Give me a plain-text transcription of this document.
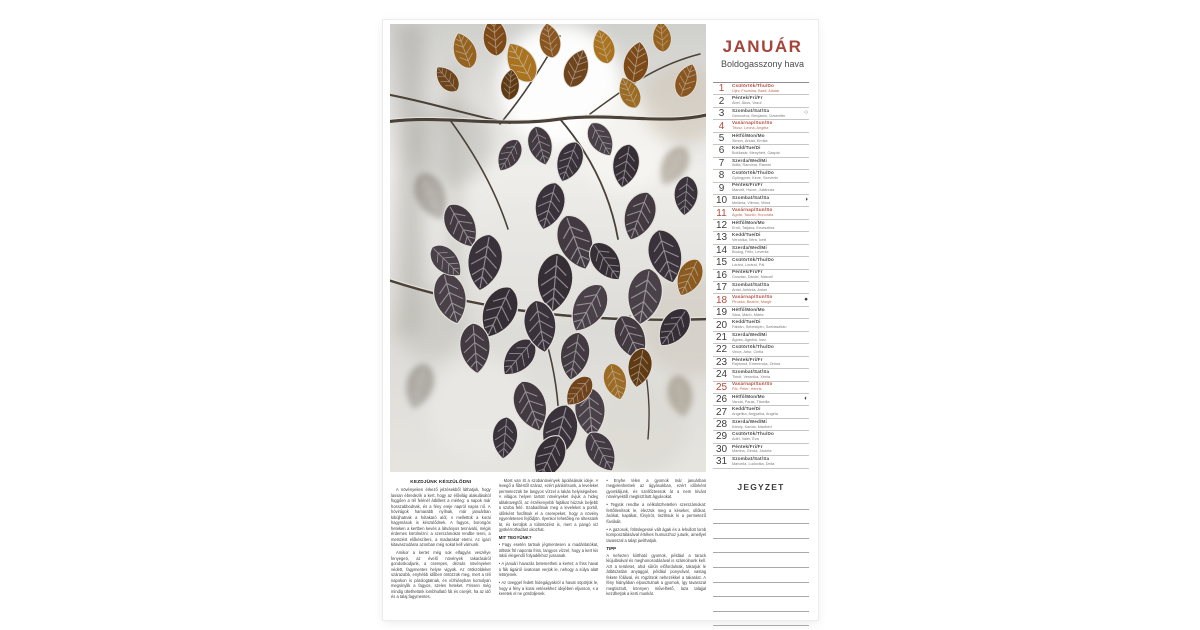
JANUÁR
Boldogasszony hava
1	Csütörtök/Thu/Do
Újév, Fruzsina, Bazil, Aladár
2	Péntek/Fri/Fr
Ábel, Ákos, Vazul
3	Szombat/Sat/Sa
Genovéva, Benjámin, Dzsenifer	○
4	Vasárnap/Sun/So
Titusz, Leona, Angéla
5	Hétfő/Mon/Mo
Simon, Árkád, Emília
6	Kedd/Tue/Di
Boldizsár, Menyhért, Gáspár
7	Szerda/Wed/Mi
Attila, Ramóna, Ramón
8	Csütörtök/Thu/Do
Gyöngyvér, Keve, Szeverin
9	Péntek/Fri/Fr
Marcell, Hunor, Juliánusz
10	Szombat/Sat/Sa
Melánia, Vilmos, Vilma	◑
11	Vasárnap/Sun/So
Ágota, Tasziló, Honoráta
12	Hétfő/Mon/Mo
Ernő, Tatjána, Ernesztina
13	Kedd/Tue/Di
Veronika, Vera, Ivett
14	Szerda/Wed/Mi
Bódog, Félix, Levente
15	Csütörtök/Thu/Do
Lóránt, Loránd, Pál
16	Péntek/Fri/Fr
Gusztáv, Dániel, Marcell
17	Szombat/Sat/Sa
Antal, Antónia, Anton
18	Vasárnap/Sun/So
Piroska, Beatrix, Margit	●
19	Hétfő/Mon/Mo
Sára, Márió, Márta
20	Kedd/Tue/Di
Fábián, Sebestyén, Szebasztián
21	Szerda/Wed/Mi
Ágnes, Agnéta, Inez
22	Csütörtök/Thu/Do
Vince, Artúr, Cintia
23	Péntek/Fri/Fr
Rajmund, Emerencia, Zelma
24	Szombat/Sat/Sa
Timót, Veronika, Xénia
25	Vasárnap/Sun/So
Pál, Péter, Henrik
26	Hétfő/Mon/Mo
Vanda, Paula, Titanilla	◐
27	Kedd/Tue/Di
Angelika, Angyalka, Angéla
28	Szerda/Wed/Mi
Károly, Karola, Manfréd
29	Csütörtök/Thu/Do
Adél, Valér, Éva
30	Péntek/Fri/Fr
Martina, Gerda, Jácinta
31	Szombat/Sat/Sa
Marcella, Ludovika, Delia
JEGYZET
KEZDJÜNK KÉSZÜLŐDNI

A növényeken érkező jelzésekből láthatjuk, hogy lassan ébredezik a kert, hogy az élővilág alakulásától függően a tél felénél átbillent a mérleg: a napok már hosszabbodnak, és a fény ereje napról napra nő. A hóvirágok hamarabb nyílnak, már januárban kibújhatnak a hótakaró alól, s mellettük a korai hagymások is készülődnek. A fagyos, borongós heteken a kertben kevés a látványos tennivaló, mégis érdemes körülnézni: a szerszámokat rendbe tenni, a metszést előkészíteni, a madarakat etetni. Az igazi kitavaszodásra azonban még sokat kell várnunk.

Amikor a kertet még sok elfagyás veszélye fenyegeti, az évelő növények takarásáról gondoskodjunk, a cserepes, dézsás növényeket védett, fagymentes helyre vigyük. Az örökzöldeket szárazabb, enyhébb időben öntözzük meg, mert a téli napokon is párologtatnak, és vízhiányban komolyan megsínylik a fagyos, szeles heteket. Frissen még mindig ültethetünk lombhullató fát és cserjét, ha az idő és a talaj fagymentes.

Most van itt a szobanövények ápolásának ideje. A levegő a fűtéstől száraz, ezért párásítsunk, a leveleket permetezzük be langyos vízzel a lakás helyiségeiben. A világos helyen tartott növényeket óvjuk a hideg ablaküvegtől, az érzékenyebb fajtákat húzzuk beljebb a szoba felé. Szabadítsuk meg a leveleket a portól, időnként fordítsuk el a cserepeket, hogy a növény egyenletesen fejlődjön. Ilyenkor lehetőleg ne ültessünk át, és kerüljük a túlöntözést is, mert a pangó víz gyökérrothadást okozhat.

MIT TEGYÜNK?

• Fagy esetén tartsuk jégmentesen a madáritatókat, töltsük föl naponta friss, langyos vízzel, hogy a kert kis lakói elegendő folyadékhoz jussanak.

• A januári havazás betemetheti a kertet; a friss havat a fák ágairól óvatosan verjük le, nehogy a súlya alatt letörjenek.

• Az üveggel fedett hidegágyakról a havat söpörjük le, hogy a fény a korai vetésekhez idejében eljusson, s a keretek el ne gördüljenek.

• Enyhe télen a gyomok már januárban megjelenhetnek az ágyásokban, ezért időnként gyomláljunk, és szellőztessük át a nem kívánt növényektől megtisztított ágyásokat.

• Tegyük rendbe a nélkülözhetetlen szerszámokat: fertőtlenítsük le, élezzük meg a késeket, ollókat, ásókat, kapákat, fűnyírót, tisztítsuk ki a permetező fúvókáit.

• A gazosok, fölöslegessé vált ágak és a lehullott lomb komposztálásával értékes humuszhoz jutunk, amellyel tavasszal a talajt javíthatjuk.

TIPP

A nehezen kiirtható gyomok, például a tarack kiújulásával és meghonosodásával is számolnunk kell. Azt a területet, ahol sűrűn előfordulnak, takarjuk le átlátszatlan anyaggal, például ponyvával, vastag fekete fóliával, és rögzítsük nehezékkel a takarást. A fény hiányában elpusztulnak a gyomok, így tavasszal megtisztult, könnyen művelhető, laza talajjal kezdhetjük a kerti munkát.
